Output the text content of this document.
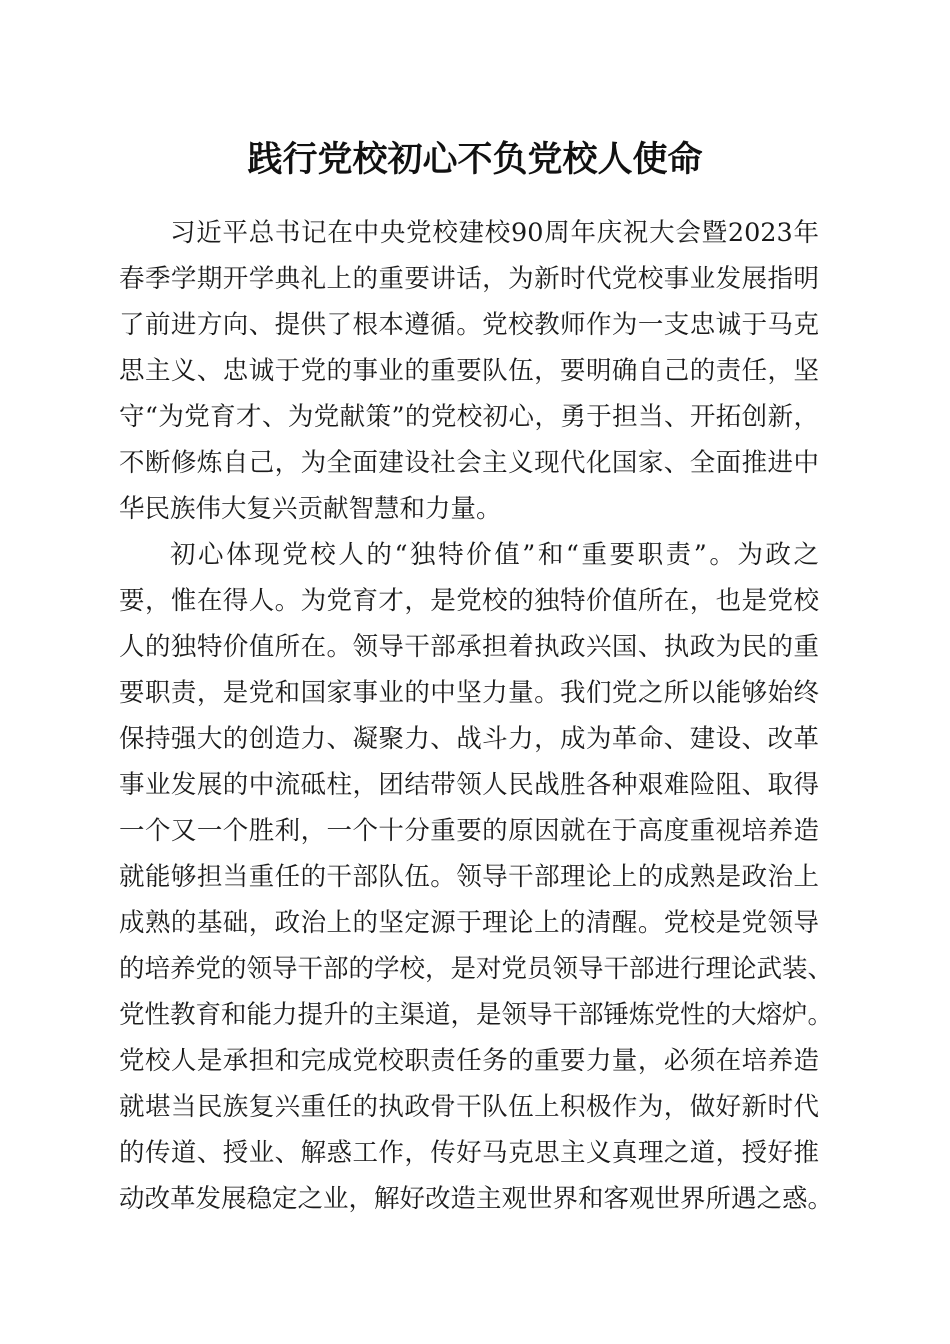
践行党校初心不负党校人使命
习近平总书记在中央党校建校90周年庆祝大会暨2023年
春季学期开学典礼上的重要讲话，为新时代党校事业发展指明
了前进方向、提供了根本遵循。党校教师作为一支忠诚于马克
思主义、忠诚于党的事业的重要队伍，要明确自己的责任，坚
守“为党育才、为党献策”的党校初心，勇于担当、开拓创新，
不断修炼自己，为全面建设社会主义现代化国家、全面推进中
华民族伟大复兴贡献智慧和力量。
初心体现党校人的“独特价值”和“重要职责”。为政之
要，惟在得人。为党育才，是党校的独特价值所在，也是党校
人的独特价值所在。领导干部承担着执政兴国、执政为民的重
要职责，是党和国家事业的中坚力量。我们党之所以能够始终
保持强大的创造力、凝聚力、战斗力，成为革命、建设、改革
事业发展的中流砥柱，团结带领人民战胜各种艰难险阻、取得
一个又一个胜利，一个十分重要的原因就在于高度重视培养造
就能够担当重任的干部队伍。领导干部理论上的成熟是政治上
成熟的基础，政治上的坚定源于理论上的清醒。党校是党领导
的培养党的领导干部的学校，是对党员领导干部进行理论武装、
党性教育和能力提升的主渠道，是领导干部锤炼党性的大熔炉。
党校人是承担和完成党校职责任务的重要力量，必须在培养造
就堪当民族复兴重任的执政骨干队伍上积极作为，做好新时代
的传道、授业、解惑工作，传好马克思主义真理之道，授好推
动改革发展稳定之业，解好改造主观世界和客观世界所遇之惑。
